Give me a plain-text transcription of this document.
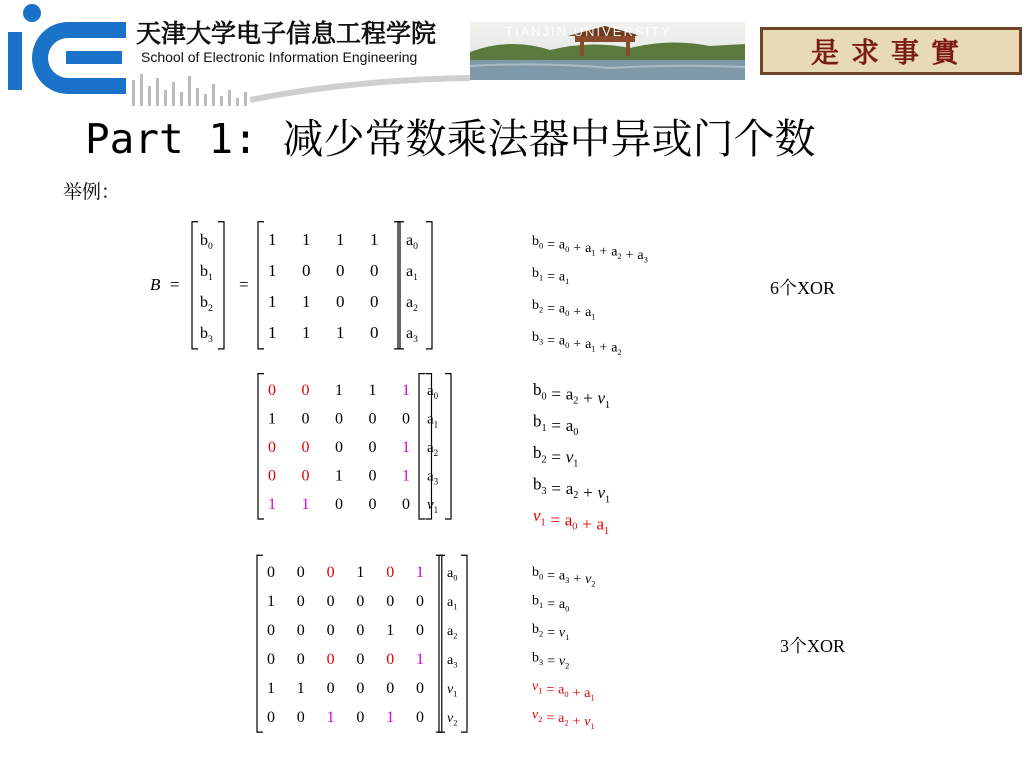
天津大学电子信息工程学院
School of Electronic Information Engineering
TIANJIN UNIVERSITY
是求事實
Part 1: 减少常数乘法器中异或门个数
举例：
B =
$b_0$
$b_1$
$b_2$
$b_3$
=
1 1 1 1
1 0 0 0
1 1 0 0
1 1 1 0
$a_0$
$a_1$
$a_2$
$a_3$
$b_0 = a_0 + a_1 + a_2 + a_3$
$b_1 = a_1$
$b_2 = a_0 + a_1$
$b_3 = a_0 + a_1 + a_2$
0 0 1 1 1
1 0 0 0 0
0 0 0 0 1
0 0 1 0 1
1 1 0 0 0
$a_0$
$a_1$
$a_2$
$a_3$
$v_1$
$b_0 = a_2 + v_1$
$b_1 = a_0$
$b_2 = v_1$
$b_3 = a_2 + v_1$
$v_1 = a_0 + a_1$
0 0 0 1 0 1
1 0 0 0 0 0
0 0 0 0 1 0
0 0 0 0 0 1
1 1 0 0 0 0
0 0 1 0 1 0
$a_0$
$a_1$
$a_2$
$a_3$
$v_1$
$v_2$
$b_0 = a_3 + v_2$
$b_1 = a_0$
$b_2 = v_1$
$b_3 = v_2$
$v_1 = a_0 + a_1$
$v_2 = a_2 + v_1$
6个XOR
3个XOR
